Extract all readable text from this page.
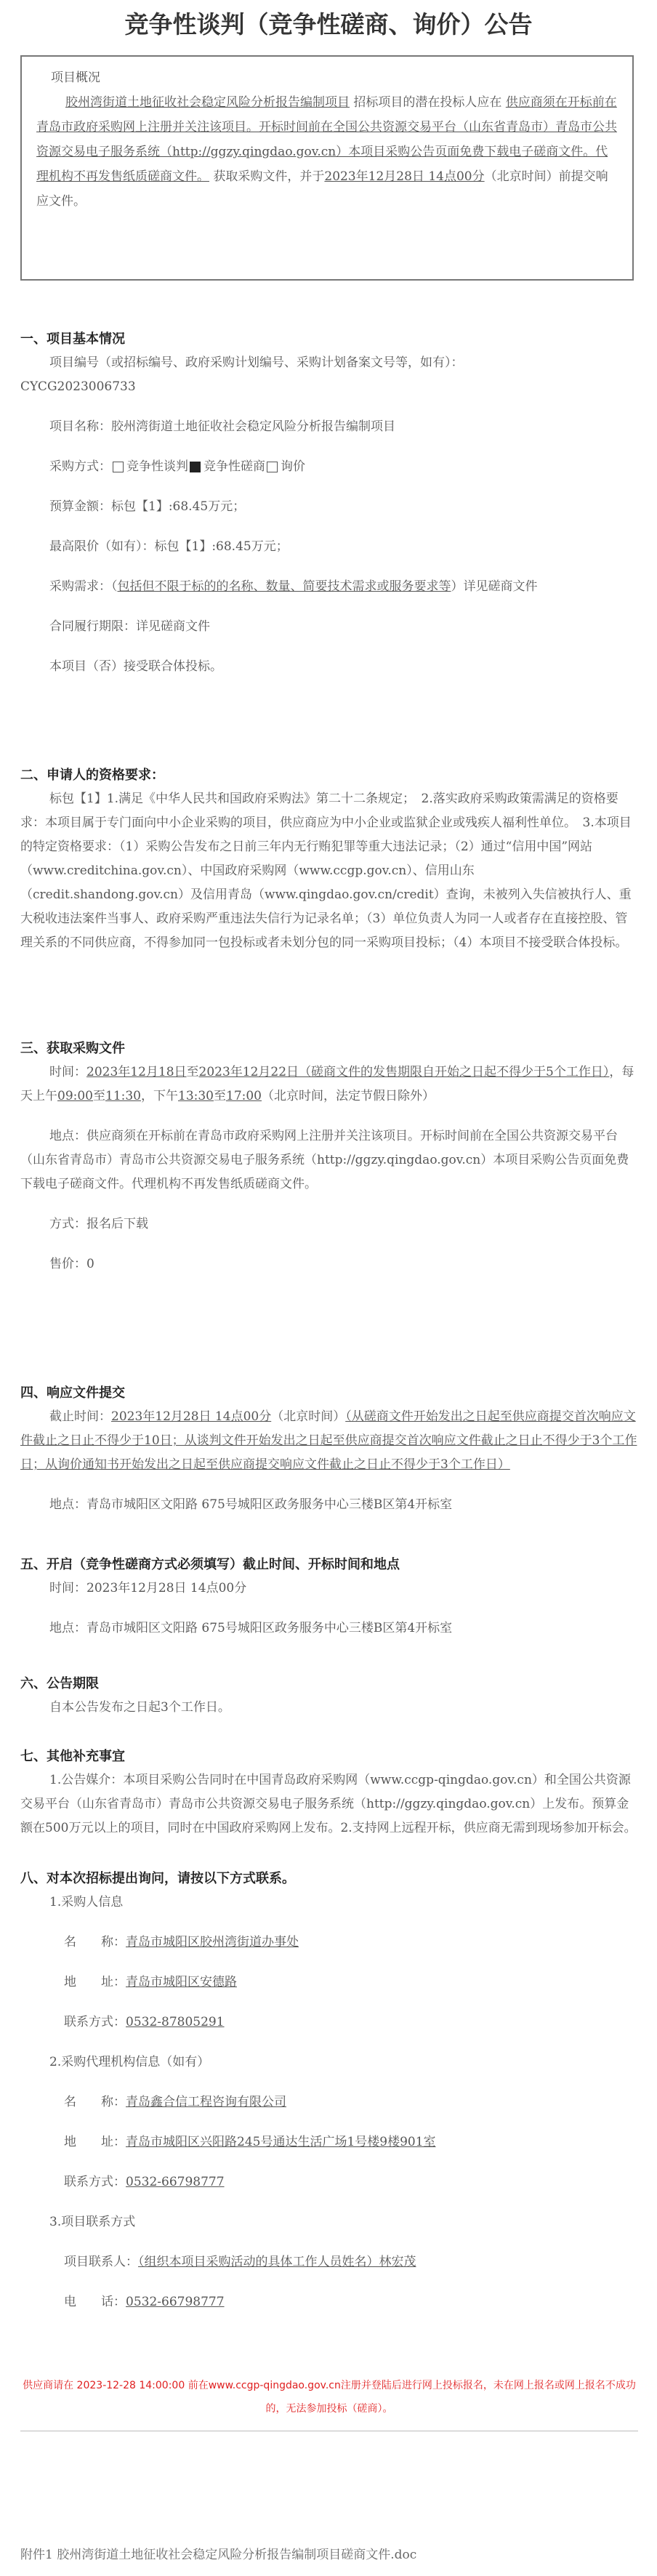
竞争性谈判（竞争性磋商、询价）公告
项目概况

胶州湾街道土地征收社会稳定风险分析报告编制项目 招标项目的潜在投标人应在 供应商须在开标前在青岛市政府采购网上注册并关注该项目。开标时间前在全国公共资源交易平台（山东省青岛市）青岛市公共资源交易电子服务系统（http://ggzy.qingdao.gov.cn）本项目采购公告页面免费下载电子磋商文件。代理机构不再发售纸质磋商文件。 获取采购文件，并于2023年12月28日 14点00分（北京时间）前提交响应文件。

一、项目基本情况
项目编号（或招标编号、政府采购计划编号、采购计划备案文号等，如有）：
CYCG2023006733
项目名称：胶州湾街道土地征收社会稳定风险分析报告编制项目
采购方式： 竞争性谈判 竞争性磋商 询价
预算金额：标包【1】:68.45万元；
最高限价（如有）：标包【1】:68.45万元；
采购需求：（包括但不限于标的的名称、数量、简要技术需求或服务要求等）详见磋商文件
合同履行期限：详见磋商文件
本项目（否）接受联合体投标。
二、申请人的资格要求：
标包【1】1.满足《中华人民共和国政府采购法》第二十二条规定；　2.落实政府采购政策需满足的资格要求：本项目属于专门面向中小企业采购的项目，供应商应为中小企业或监狱企业或残疾人福利性单位。　3.本项目的特定资格要求：（1）采购公告发布之日前三年内无行贿犯罪等重大违法记录；（2）通过“信用中国”网站（www.creditchina.gov.cn）、中国政府采购网（www.ccgp.gov.cn）、信用山东（credit.shandong.gov.cn）及信用青岛（www.qingdao.gov.cn/credit）查询，未被列入失信被执行人、重大税收违法案件当事人、政府采购严重违法失信行为记录名单；（3）单位负责人为同一人或者存在直接控股、管理关系的不同供应商，不得参加同一包投标或者未划分包的同一采购项目投标；（4）本项目不接受联合体投标。
三、获取采购文件
时间：2023年12月18日至2023年12月22日（磋商文件的发售期限自开始之日起不得少于5个工作日），每天上午09:00至11:30，下午13:30至17:00（北京时间，法定节假日除外）
地点：供应商须在开标前在青岛市政府采购网上注册并关注该项目。开标时间前在全国公共资源交易平台（山东省青岛市）青岛市公共资源交易电子服务系统（http://ggzy.qingdao.gov.cn）本项目采购公告页面免费下载电子磋商文件。代理机构不再发售纸质磋商文件。
方式：报名后下载
售价：0
四、响应文件提交
截止时间：2023年12月28日 14点00分（北京时间）（从磋商文件开始发出之日起至供应商提交首次响应文件截止之日止不得少于10日；从谈判文件开始发出之日起至供应商提交首次响应文件截止之日止不得少于3个工作日；从询价通知书开始发出之日起至供应商提交响应文件截止之日止不得少于3个工作日）
地点：青岛市城阳区文阳路 675号城阳区政务服务中心三楼B区第4开标室
五、开启（竞争性磋商方式必须填写）截止时间、开标时间和地点
时间：2023年12月28日 14点00分
地点：青岛市城阳区文阳路 675号城阳区政务服务中心三楼B区第4开标室
六、公告期限
自本公告发布之日起3个工作日。
七、其他补充事宜
1.公告媒介：本项目采购公告同时在中国青岛政府采购网（www.ccgp-qingdao.gov.cn）和全国公共资源交易平台（山东省青岛市）青岛市公共资源交易电子服务系统（http://ggzy.qingdao.gov.cn）上发布。预算金额在500万元以上的项目，同时在中国政府采购网上发布。2.支持网上远程开标，供应商无需到现场参加开标会。
八、对本次招标提出询问，请按以下方式联系。
1.采购人信息
名　　称：青岛市城阳区胶州湾街道办事处
地　　址：青岛市城阳区安德路
联系方式：0532-87805291
2.采购代理机构信息（如有）
名　　称：青岛鑫合信工程咨询有限公司
地　　址：青岛市城阳区兴阳路245号通达生活广场1号楼9楼901室
联系方式：0532-66798777
3.项目联系方式
项目联系人：（组织本项目采购活动的具体工作人员姓名）林宏茂
电　　话：0532-66798777
供应商请在 2023-12-28 14:00:00 前在www.ccgp-qingdao.gov.cn注册并登陆后进行网上投标报名，未在网上报名或网上报名不成功的，无法参加投标（磋商）。
附件1 胶州湾街道土地征收社会稳定风险分析报告编制项目磋商文件.doc
